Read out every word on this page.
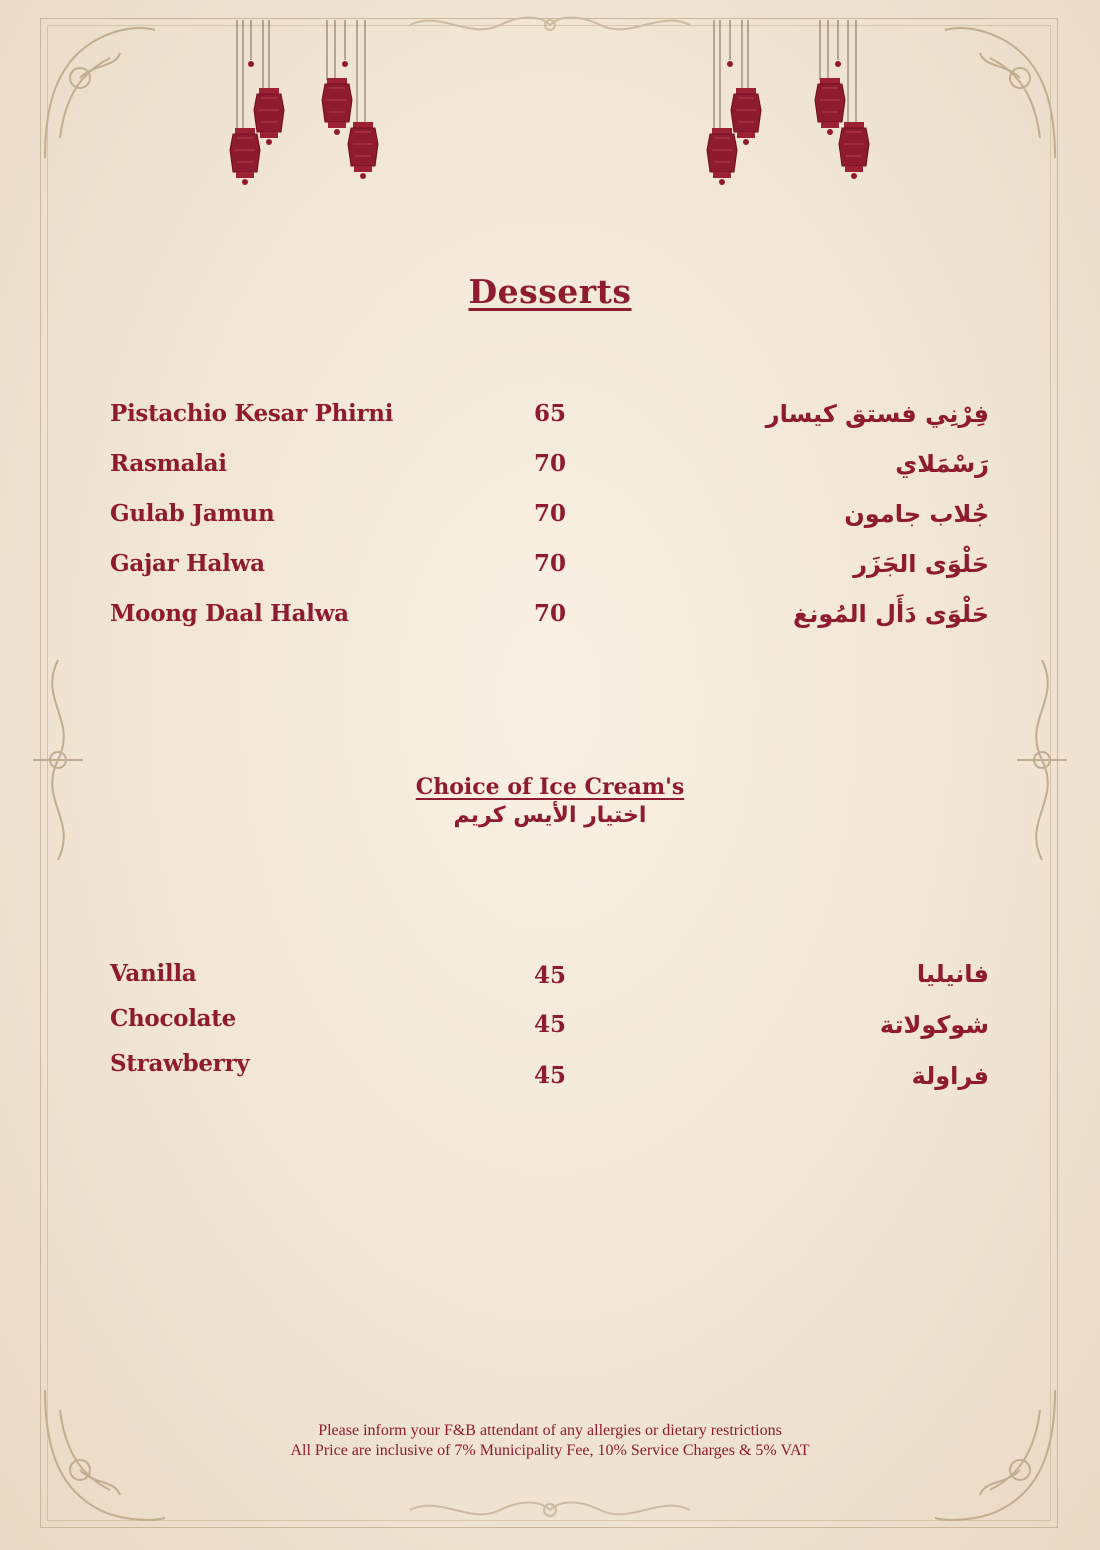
Desserts
Pistachio Kesar Phirni	65	فِرْنِي فستق كيسار
Rasmalai	70	رَسْمَلاي
Gulab Jamun	70	جُلاب جامون
Gajar Halwa	70	حَلْوَى الجَزَر
Moong Daal Halwa	70	حَلْوَى دَأَل المُونغ
Choice of Ice Cream's
اختيار الأيس كريم
Vanilla	45	فانيليا
Chocolate	45	شوكولاتة
Strawberry	45	فراولة
Please inform your F&B attendant of any allergies or dietary restrictions
All Price are inclusive of 7% Municipality Fee, 10% Service Charges & 5% VAT
